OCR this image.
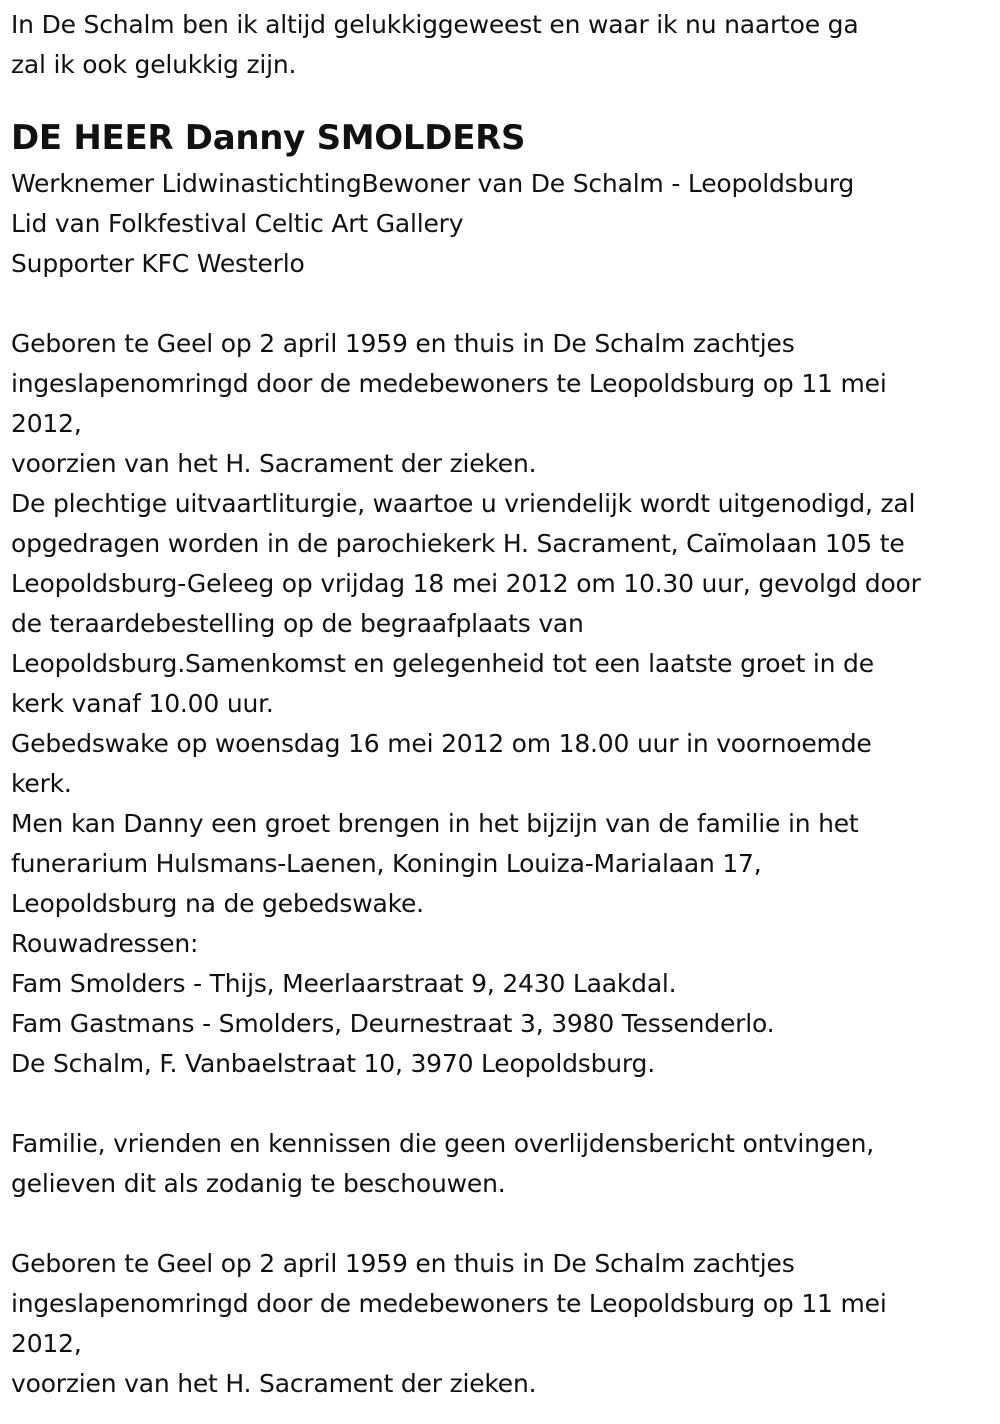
In De Schalm ben ik altijd gelukkiggeweest en waar ik nu naartoe ga
zal ik ook gelukkig zijn.
DE HEER Danny SMOLDERS
Werknemer LidwinastichtingBewoner van De Schalm - Leopoldsburg
Lid van Folkfestival Celtic Art Gallery
Supporter KFC Westerlo
Geboren te Geel op 2 april 1959 en thuis in De Schalm zachtjes
ingeslapenomringd door de medebewoners te Leopoldsburg op 11 mei
2012,
voorzien van het H. Sacrament der zieken.
De plechtige uitvaartliturgie, waartoe u vriendelijk wordt uitgenodigd, zal
opgedragen worden in de parochiekerk H. Sacrament, Caïmolaan 105 te
Leopoldsburg-Geleeg op vrijdag 18 mei 2012 om 10.30 uur, gevolgd door
de teraardebestelling op de begraafplaats van
Leopoldsburg.Samenkomst en gelegenheid tot een laatste groet in de
kerk vanaf 10.00 uur.
Gebedswake op woensdag 16 mei 2012 om 18.00 uur in voornoemde
kerk.
Men kan Danny een groet brengen in het bijzijn van de familie in het
funerarium Hulsmans-Laenen, Koningin Louiza-Marialaan 17,
Leopoldsburg na de gebedswake.
Rouwadressen:
Fam Smolders - Thijs, Meerlaarstraat 9, 2430 Laakdal.
Fam Gastmans - Smolders, Deurnestraat 3, 3980 Tessenderlo.
De Schalm, F. Vanbaelstraat 10, 3970 Leopoldsburg.
Familie, vrienden en kennissen die geen overlijdensbericht ontvingen,
gelieven dit als zodanig te beschouwen.
Geboren te Geel op 2 april 1959 en thuis in De Schalm zachtjes
ingeslapenomringd door de medebewoners te Leopoldsburg op 11 mei
2012,
voorzien van het H. Sacrament der zieken.
